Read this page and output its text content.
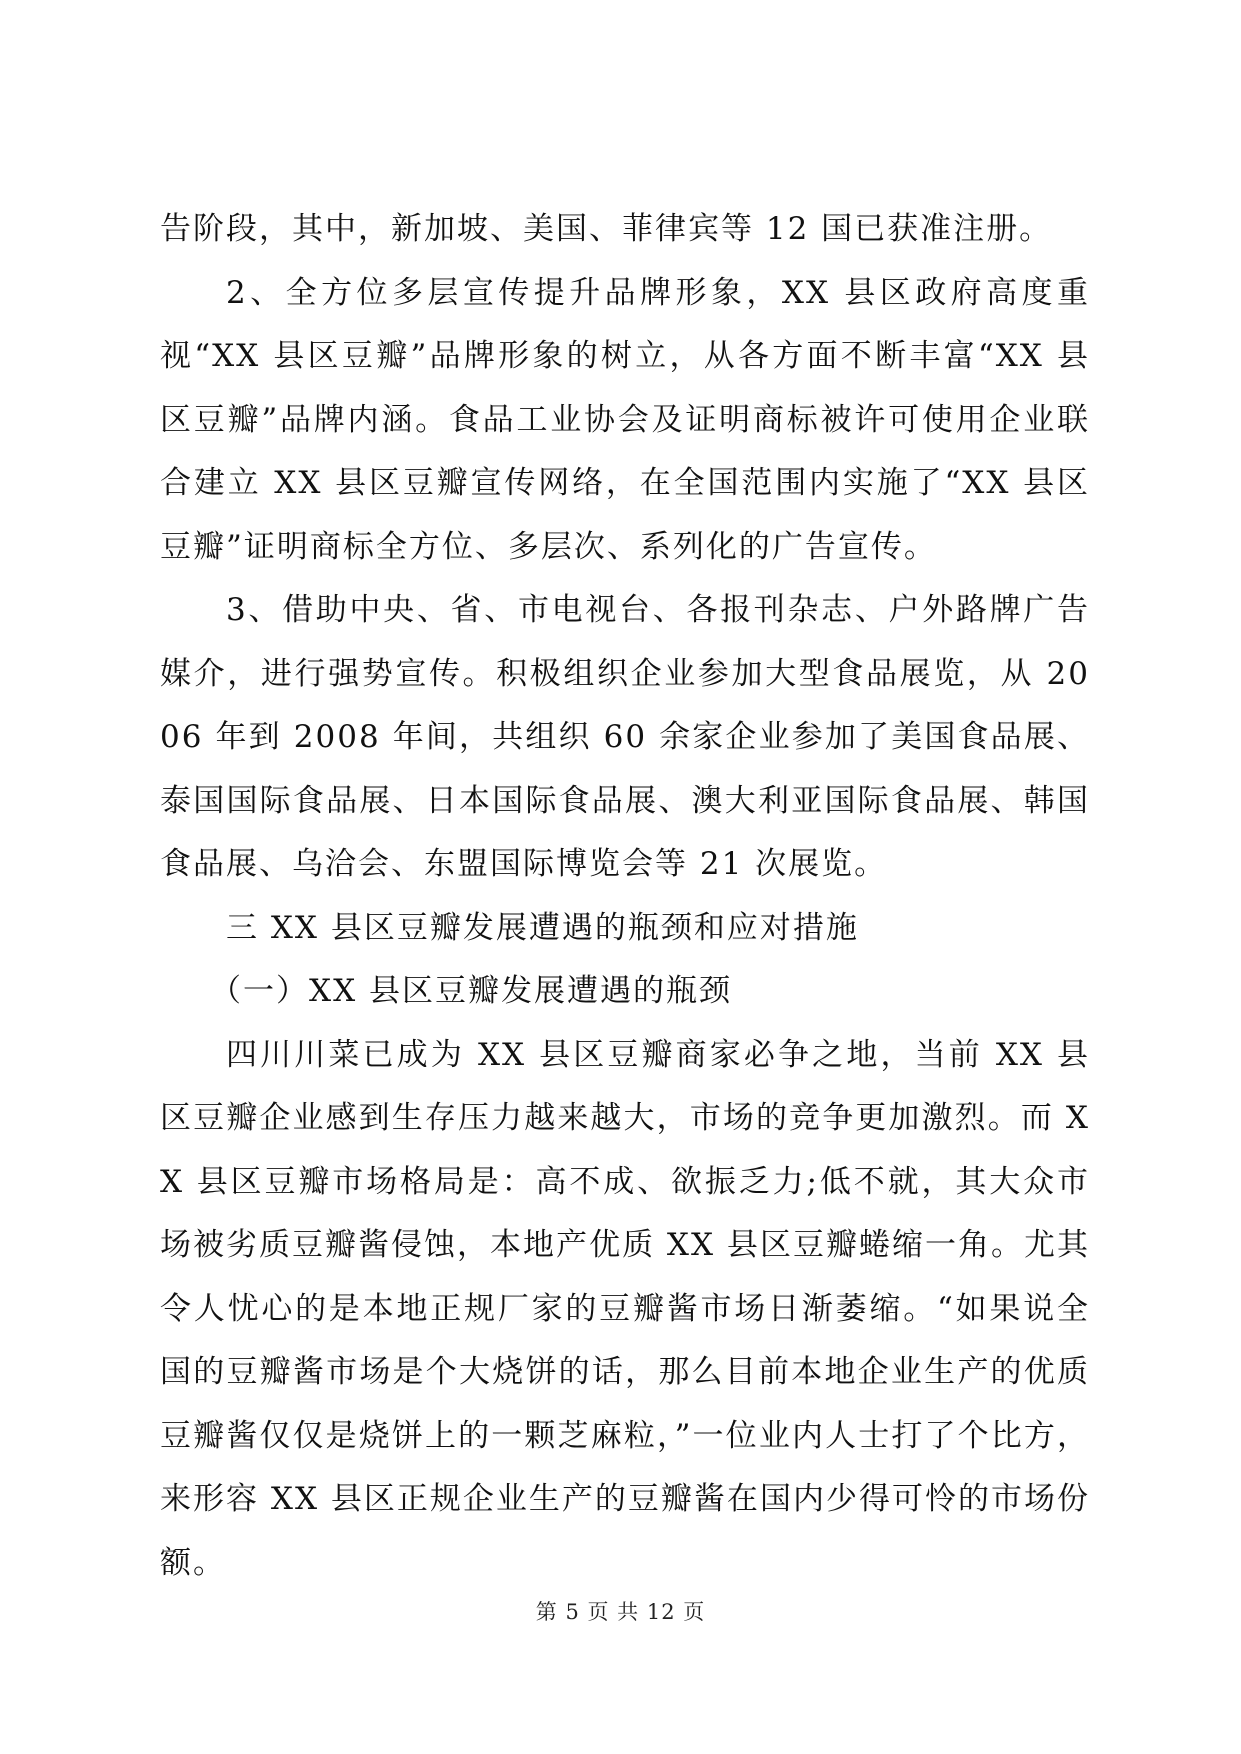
告阶段，其中，新加坡、美国、菲律宾等 12 国已获准注册。

2、全方位多层宣传提升品牌形象，XX 县区政府高度重视“XX 县区豆瓣”品牌形象的树立，从各方面不断丰富“XX 县区豆瓣”品牌内涵。食品工业协会及证明商标被许可使用企业联合建立 XX 县区豆瓣宣传网络，在全国范围内实施了“XX 县区豆瓣”证明商标全方位、多层次、系列化的广告宣传。

3、借助中央、省、市电视台、各报刊杂志、户外路牌广告媒介，进行强势宣传。积极组织企业参加大型食品展览，从 2006 年到 2008 年间，共组织 60 余家企业参加了美国食品展、泰国国际食品展、日本国际食品展、澳大利亚国际食品展、韩国食品展、乌洽会、东盟国际博览会等 21 次展览。

三 XX 县区豆瓣发展遭遇的瓶颈和应对措施

（一）XX 县区豆瓣发展遭遇的瓶颈

四川川菜已成为 XX 县区豆瓣商家必争之地，当前 XX 县区豆瓣企业感到生存压力越来越大，市场的竞争更加激烈。而 XX 县区豆瓣市场格局是：高不成、欲振乏力;低不就，其大众市场被劣质豆瓣酱侵蚀，本地产优质 XX 县区豆瓣蜷缩一角。尤其令人忧心的是本地正规厂家的豆瓣酱市场日渐萎缩。“如果说全国的豆瓣酱市场是个大烧饼的话，那么目前本地企业生产的优质豆瓣酱仅仅是烧饼上的一颗芝麻粒，”一位业内人士打了个比方，来形容 XX 县区正规企业生产的豆瓣酱在国内少得可怜的市场份额。

第 5 页 共 12 页
